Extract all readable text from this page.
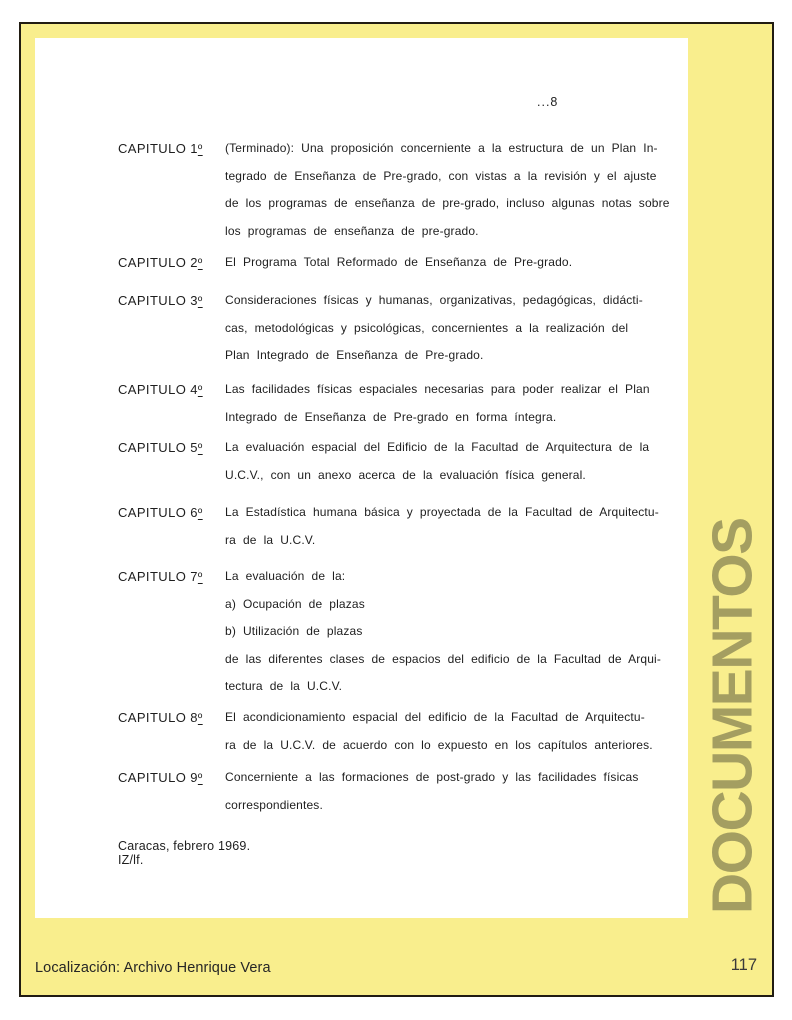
...8
CAPITULO 1º	(Terminado): Una proposición concerniente a la estructura de un Plan In-
tegrado de Enseñanza de Pre-grado, con vistas a la revisión y el ajuste
de los programas de enseñanza de pre-grado, incluso algunas notas sobre
los programas de enseñanza de pre-grado.
CAPITULO 2º	El Programa Total Reformado de Enseñanza de Pre-grado.
CAPITULO 3º	Consideraciones físicas y humanas, organizativas, pedagógicas, didácti-
cas, metodológicas y psicológicas, concernientes a la realización del
Plan Integrado de Enseñanza de Pre-grado.
CAPITULO 4º	Las facilidades físicas espaciales necesarias para poder realizar el Plan
Integrado de Enseñanza de Pre-grado en forma íntegra.
CAPITULO 5º	La evaluación espacial del Edificio de la Facultad de Arquitectura de la
U.C.V., con un anexo acerca de la evaluación física general.
CAPITULO 6º	La Estadística humana básica y proyectada de la Facultad de Arquitectu-
ra de la U.C.V.
CAPITULO 7º	La evaluación de la:
a) Ocupación de plazas
b) Utilización de plazas
de las diferentes clases de espacios del edificio de la Facultad de Arqui-
tectura de la U.C.V.
CAPITULO 8º	El acondicionamiento espacial del edificio de la Facultad de Arquitectu-
ra de la U.C.V. de acuerdo con lo expuesto en los capítulos anteriores.
CAPITULO 9º	Concerniente a las formaciones de post-grado y las facilidades físicas
correspondientes.
Caracas, febrero 1969.
IZ/lf.	DOCUMENTOS
Localización: Archivo Henrique Vera	117
